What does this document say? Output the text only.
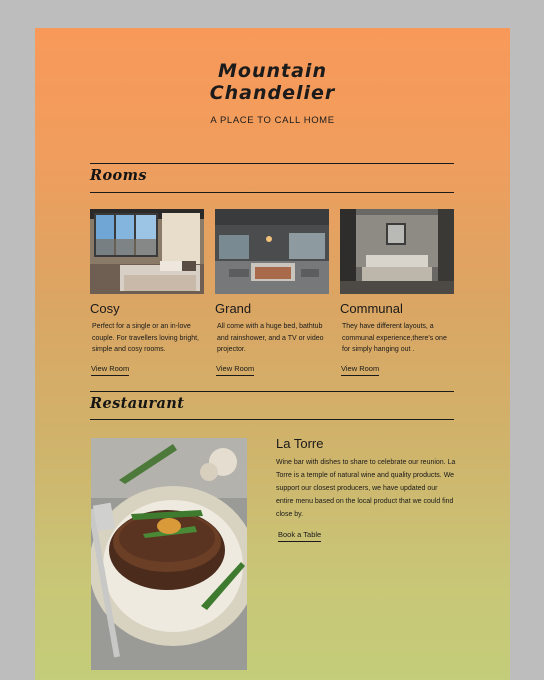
Mountain
Chandelier
A PLACE TO CALL HOME
Rooms
Cosy
Perfect for a single or an in-love couple. For travellers loving bright, simple and cosy rooms.
View Room
Grand
All come with a huge bed, bathtub and rainshower, and a TV or video projector.
View Room
Communal
They have different layouts, a communal experience,there's one for simply hanging out .
View Room
Restaurant
La Torre
Wine bar with dishes to share to celebrate our reunion. La Torre is a temple of natural wine and quality products. We support our closest producers, we have updated our entire menu based on the local product that we could find close by.
Book a Table
